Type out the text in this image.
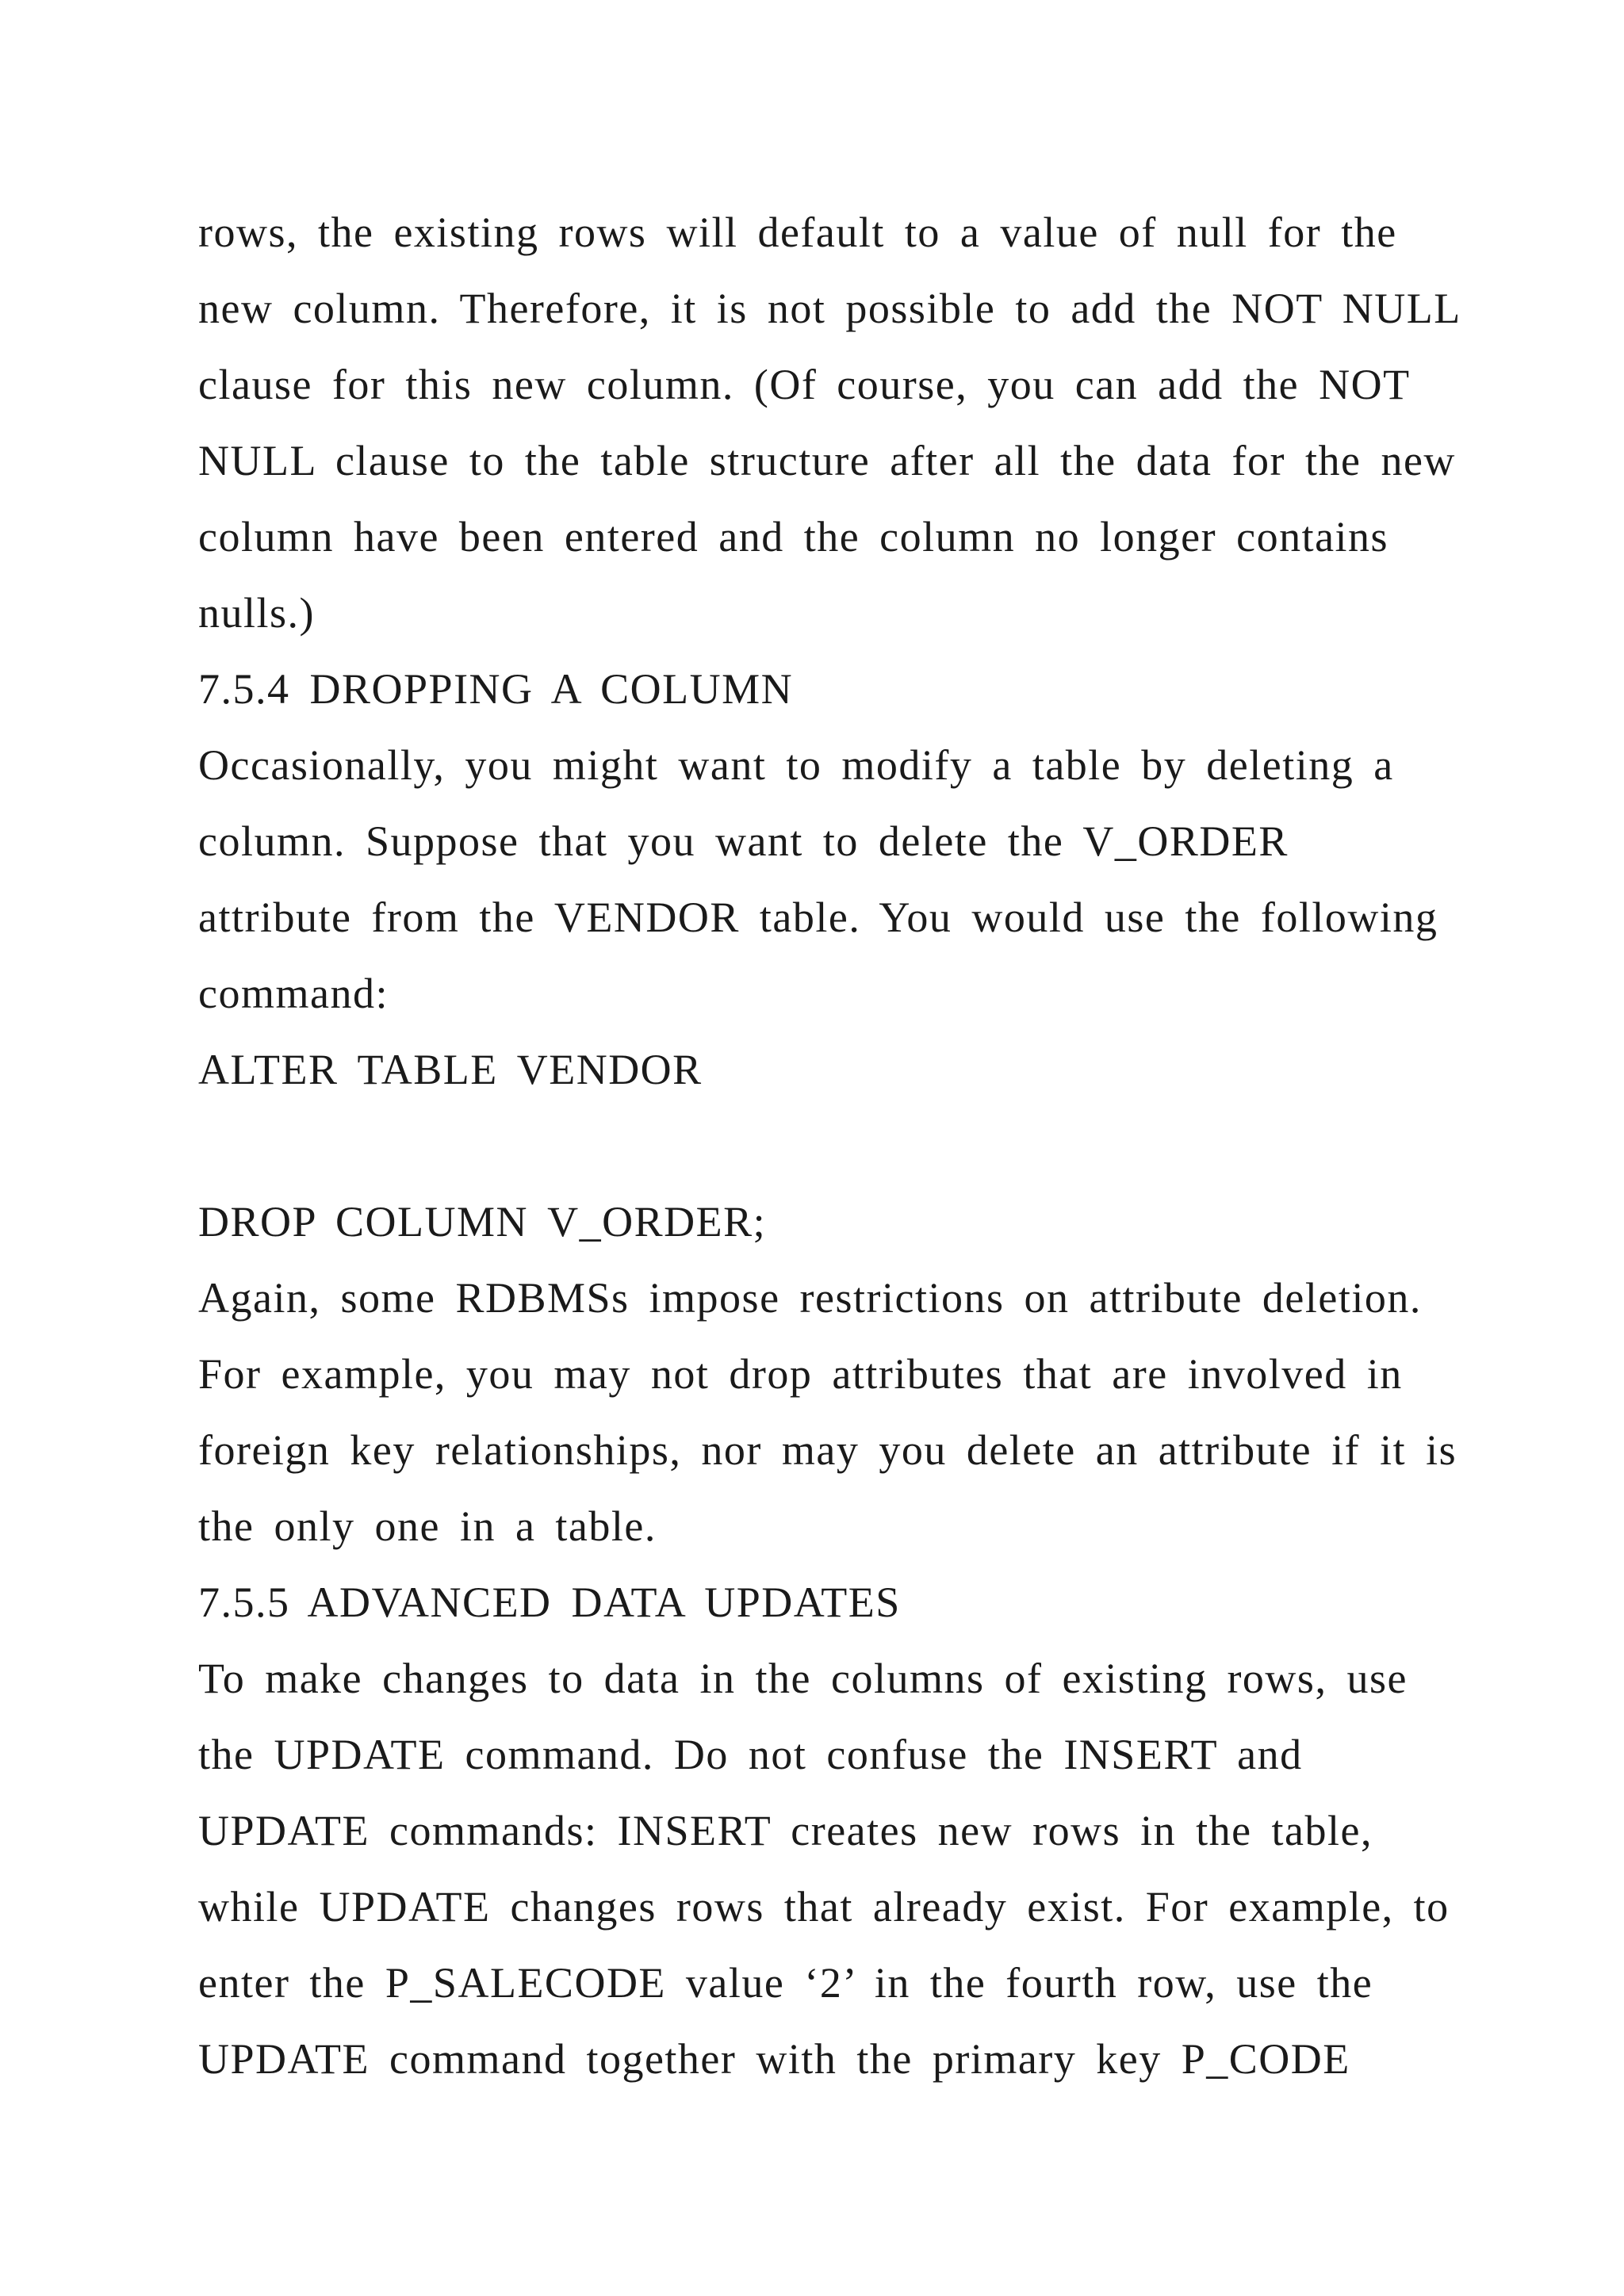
rows, the existing rows will default to a value of null for the
new column. Therefore, it is not possible to add the NOT NULL
clause for this new column. (Of course, you can add the NOT
NULL clause to the table structure after all the data for the new
column have been entered and the column no longer contains
nulls.)
7.5.4 DROPPING A COLUMN
Occasionally, you might want to modify a table by deleting a
column. Suppose that you want to delete the V_ORDER
attribute from the VENDOR table. You would use the following
command:
ALTER TABLE VENDOR
DROP COLUMN V_ORDER;
Again, some RDBMSs impose restrictions on attribute deletion.
For example, you may not drop attributes that are involved in
foreign key relationships, nor may you delete an attribute if it is
the only one in a table.
7.5.5 ADVANCED DATA UPDATES
To make changes to data in the columns of existing rows, use
the UPDATE command. Do not confuse the INSERT and
UPDATE commands: INSERT creates new rows in the table,
while UPDATE changes rows that already exist. For example, to
enter the P_SALECODE value ‘2’ in the fourth row, use the
UPDATE command together with the primary key P_CODE
